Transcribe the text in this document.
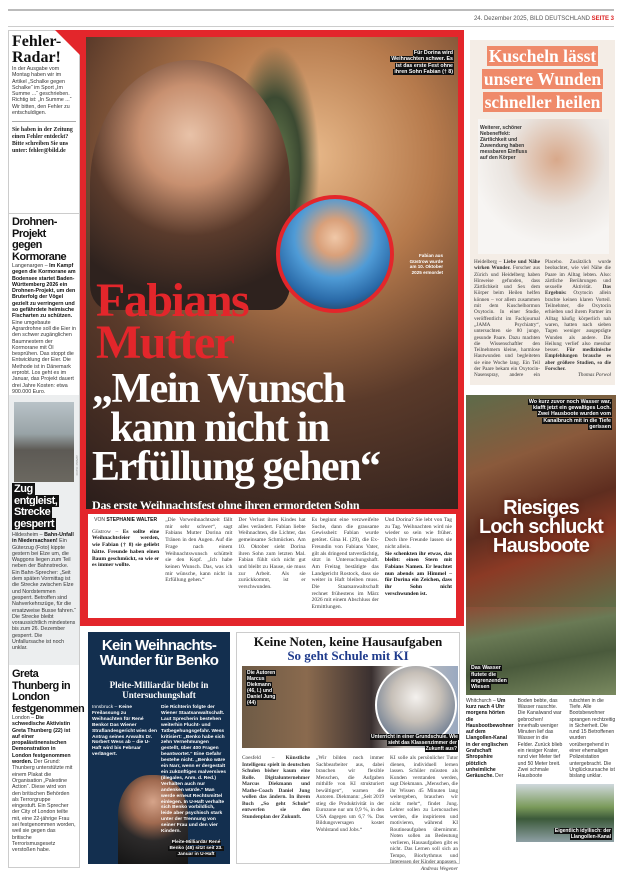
24. Dezember 2025, BILD DEUTSCHLAND SEITE 3
Fehler-Radar!

In der Ausgabe vom Montag haben wir im Artikel „Schalke gegen Schalke“ im Sport „Im Summe ...“ geschrieben. Richtig ist: „In Summe ...“ Wir bitten, den Fehler zu entschuldigen.

Sie haben in der Zeitung einen Fehler entdeckt? Bitte schreiben Sie uns unter: fehler@bild.de

Drohnen-Projekt gegen Kormorane

Langenargen – Im Kampf gegen die Kormorane am Bodensee startet Baden-Württemberg 2026 ein Drohnen-Projekt, um den Bruterfolg der Vögel gezielt zu verringern und so gefährdete heimische Fischarten zu schützen. Eine umgebaute Agrardrohne soll die Eier in den schwer zugänglichen Baumnestern der Kormorane mit Öl besprühen. Das stoppt die Entwicklung der Eier. Die Methode ist in Dänemark erprobt. Los geht es im Januar, das Projekt dauert drei Jahre Kosten: etwa 900.000 Euro.

FOTO: PRIVAT
Zug entgleist, Strecke gesperrt

Hildesheim – Bahn-Unfall in Niedersachsen! Ein Güterzug (Foto) kippte gestern bei Elze um, die Waggons liegen zum Teil neben der Bahnstrecke. Ein Bahn-Sprecher: „Seit dem späten Vormittag ist die Strecke zwischen Elze und Nordstemmen gesperrt. Betroffen sind Nahverkehrszüge, für die ersatzweise Busse fahren.“ Die Strecke bleibt voraussichtlich mindestens bis zum 26. Dezember gesperrt. Die Unfallursache ist noch unklar.

Greta Thunberg in London festgenommen

London – Die schwedische Aktivistin Greta Thunberg (22) ist auf einer propalästinensischen Demonstration in London festgenommen worden. Der Grund: Thunberg unterstützte mit einem Plakat die Organisation „Palestine Action“. Diese wird von den britischen Behörden als Terrorgruppe eingestuft. Ein Sprecher der City of London teilte mit, eine 22-jährige Frau sei festgenommen worden, weil sie gegen das britische Terrorismusgesetz verstoßen habe.

Für Dorina wird Weihnachten schwer. Es ist das erste Fest ohne ihren Sohn Fabian († 8)
Fabian aus Güstrow wurde am 10. Oktober 2025 ermordet
Fabians
Mutter
„Mein Wunsch
kann nicht in
Erfüllung gehen“
Das erste Weihnachtsfest ohne ihren ermordeten Sohn
VON STEPHANIE WALTER
Güstrow – Es sollte eine Weihnachtsfeier werden, wie Fabian († 8) sie geliebt hätte. Freunde haben einen Baum geschmückt, so wie er es immer wollte.
„Die Vorweihnachtszeit fällt mir sehr schwer“, sagt Fabians Mutter Dorina mit Tränen in den Augen. Auf die Frage nach einem Weihnachtswunsch schüttelt sie den Kopf. „Ich habe keinen Wunsch. Das, was ich mir wünsche, kann nicht in Erfüllung gehen.“
Der Verlust ihres Kindes hat alles verändert. Fabian liebte Weihnachten, die Lichter, das gemeinsame Schmücken. Am 10. Oktober sieht Dorina ihren Sohn zum letzten Mal. Fabian fühlt sich nicht gut und bleibt zu Hause, sie muss zur Arbeit. Als sie zurückkommt, ist er verschwunden.
Es beginnt eine verzweifelte Suche, dann die grausame Gewissheit: Fabian wurde getötet. Gina H. (29), die Ex-Freundin von Fabians Vater, gilt als dringend tatverdächtig, sitzt in Untersuchungshaft. Am Freitag bestätigte das Landgericht Rostock, dass sie weiter in Haft bleiben muss. Die Staatsanwaltschaft rechnet frühestens im März 2026 mit einem Abschluss der Ermittlungen.
Und Dorina? Sie lebt von Tag zu Tag. Weihnachten wird nie wieder so sein wie früher. Doch ihre Freunde lassen sie nicht allein.
Sie schenkten ihr etwas, das bleibt: einen Stern mit Fabians Namen. Er leuchtet nun abends am Himmel – für Dorina ein Zeichen, dass ihr Sohn nicht verschwunden ist.
Kuscheln lässt
unsere Wunden
schneller heilen
Weiterer, schöner Nebeneffekt: Zärtlichkeit und Zuwendung haben messbaren Einfluss auf den Körper
Heidelberg – Liebe und Nähe wirken Wunder. Forscher aus Zürich und Heidelberg haben Hinweise gefunden, dass Zärtlichkeit und Sex dem Körper beim Heilen helfen können – vor allem zusammen mit dem Kuschelhormon Oxytocin. In einer Studie, veröffentlicht im Fachjournal „JAMA Psychiatry“, untersuchten sie 80 junge, gesunde Paare. Dazu machten die Wissenschaftler den Teilnehmern kleine, harmlose Hautwunden und begleiteten sie eine Woche lang. Ein Teil der Paare bekam ein Oxytocin-Nasenspray, andere ein Placebo. Zusätzlich wurde beobachtet, wie viel Nähe die Paare im Alltag lebten. Also: zärtliche Berührungen und sexuelle Aktivität. Das Ergebnis: Oxytocin allein brachte keinen klaren Vorteil. Teilnehmer, die Oxytocin erhielten und ihrem Partner im Alltag häufig körperlich nah waren, hatten nach sieben Tagen weniger ausgeprägte Wunden als andere. Die Heilung verlief also messbar besser. Für medizinische Empfehlungen brauche es aber größere Studien, so die Forscher.
Thomas Porwol
Wo kurz zuvor noch Wasser war, klafft jetzt ein gewaltiges Loch. Zwei Hausboote wurden vom Kanalbruch mit in die Tiefe gerissen
Riesiges
Loch schluckt
Hausboote
Das Wasser flutete die angrenzenden Wiesen
Whitchurch – Um kurz nach 4 Uhr morgens hörten die Hausbootbewohner auf dem Llangollen-Kanal in der englischen Grafschaft Shropshire plötzlich unheimliche Geräusche. Der Boden bebte, das Wasser rauschte. Die Kanalwand war gebrochen! Innerhalb weniger Minuten lief das Wasser in die Felder. Zurück blieb ein riesiger Krater, rund vier Meter tief und 50 Meter breit. Zwei schmale Hausboote rutschten in die Tiefe. Alle Bootsbewohner sprangen rechtzeitig in Sicherheit. Die rund 15 Betroffenen wurden vorübergehend in einer ehemaligen Polizeistation untergebracht. Die Unglücksursache ist bislang unklar.
Eigentlich idyllisch: der Llangollen-Kanal
Kein Weihnachts-Wunder für Benko
Pleite-Milliardär bleibt in Untersuchungshaft
Innsbruck – Keine Freilassung zu Weihnachten für René Benko! Das Wiener Straflandesgericht wies den Antrag seines Anwalts Dr. Norbert Wess ab – die U-Haft wird bis Februar verlängert.
Die Richterin folgte der Wiener Staatsanwaltschaft. Laut Sprecherin bestehen weiterhin Flucht- und Tatbegehungsgefahr. Wess kritisiert: „Benko habe sich zehn Vernehmungen gestellt, über 400 Fragen beantwortet.“ Eine Gefahr bestehe nicht. „Benko wäre ein Narr, wenn er dergestalt ein zukünftiges malversives (illegales, Anm. d. Red.) Verhalten auch nur andenken würde.“ Man werde erneut Rechtsmittel einlegen. In U-Haft verhalte sich Benko vorbildlich, leide aber psychisch stark unter der Trennung von seiner Frau und den vier Kindern.
Pleite-Milliardär René Benko (48) sitzt seit 23. Januar in U-Haft
Keine Noten, keine Hausaufgaben
So geht Schule mit KI
Die Autoren Marcus Diekmann (46, l.) und Daniel Jung (44)
Unterricht in einer Grundschule. Wie sieht das Klassenzimmer der Zukunft aus?
Coesfeld – Künstliche Intelligenz spielt in deutschen Schulen bisher kaum eine Rolle. Digitalunternehmer Marcus Diekmann und Mathe-Coach Daniel Jung wollen das ändern. In ihrem Buch „So geht Schule“ entwerfen sie den Stundenplan der Zukunft.
„Wir bilden noch immer Sachbearbeiter aus, dabei brauchen wir flexible Menschen, die Aufgaben mithilfe von KI strukturiert bewältigen“, warnen die Autoren. Diekmann: „Seit 2019 stieg die Produktivität in der Eurozone nur um 0,9 %, in den USA dagegen um 6,7 %. Das Bildungsversagen kostet Wohlstand und Jobs.“
KI solle als persönlicher Tutor dienen, individuell lernen lassen. Schüler müssten als Kunden verstanden werden, sagt Diekmann. „Menschen, die ihr Wissen 45 Minuten lang weitergeben, brauchen wir nicht mehr“, findet Jung. Lehrer sollen zu Lerncoaches werden, die inspirieren und motivieren, während KI Routineaufgaben übernimmt. Noten sollen an Bedeutung verlieren, Hausaufgaben gibt es nicht. Das Lernen soll sich an Tempo, Biorhythmus und Interessen der Kinder anpassen.
Andreas Wegener
